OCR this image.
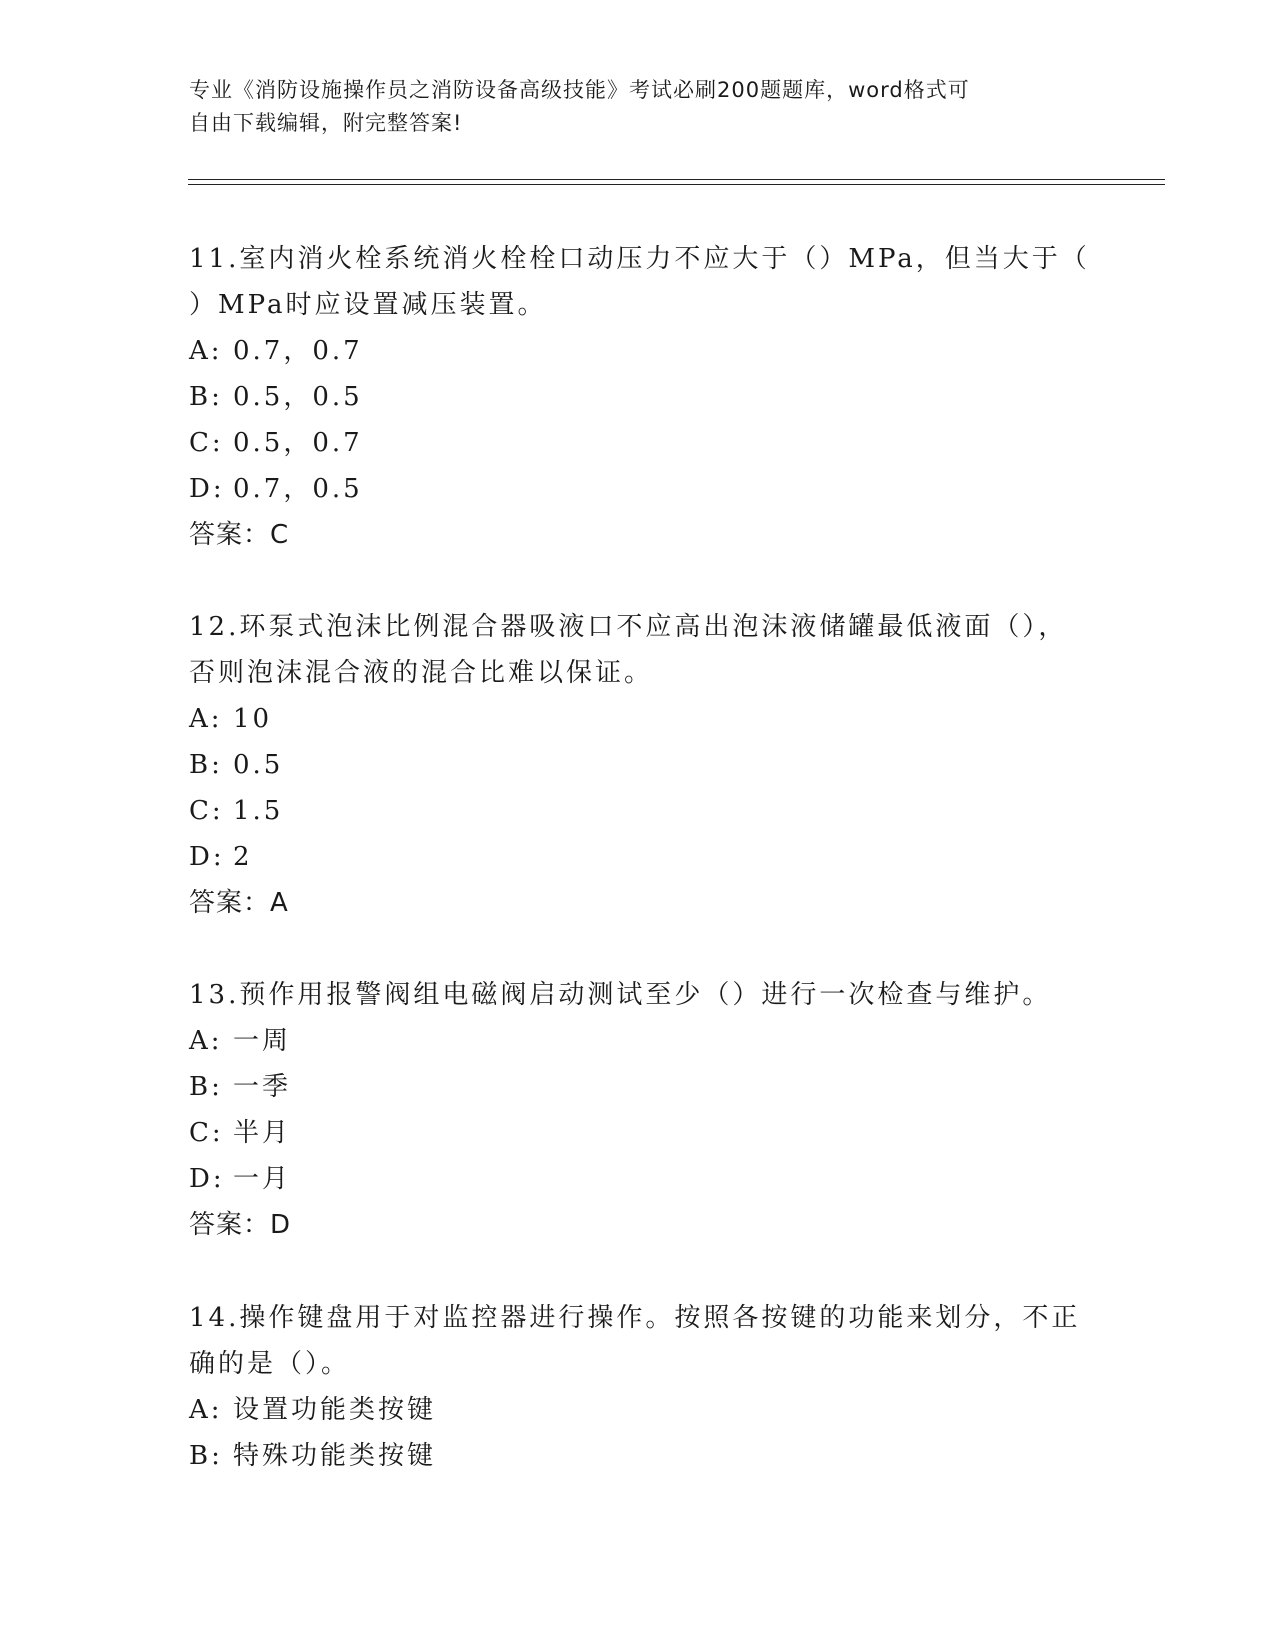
专业《消防设施操作员之消防设备高级技能》考试必刷200题题库，word格式可
自由下载编辑，附完整答案!
11.室内消火栓系统消火栓栓口动压力不应大于（）MPa，但当大于（
）MPa时应设置减压装置。
A: 0.7，0.7
B: 0.5，0.5
C: 0.5，0.7
D: 0.7，0.5
答案：C
12.环泵式泡沫比例混合器吸液口不应高出泡沫液储罐最低液面（），
否则泡沫混合液的混合比难以保证。
A: 10
B: 0.5
C: 1.5
D: 2
答案：A
13.预作用报警阀组电磁阀启动测试至少（）进行一次检查与维护。
A: 一周
B: 一季
C: 半月
D: 一月
答案：D
14.操作键盘用于对监控器进行操作。按照各按键的功能来划分，不正
确的是（）。
A: 设置功能类按键
B: 特殊功能类按键
